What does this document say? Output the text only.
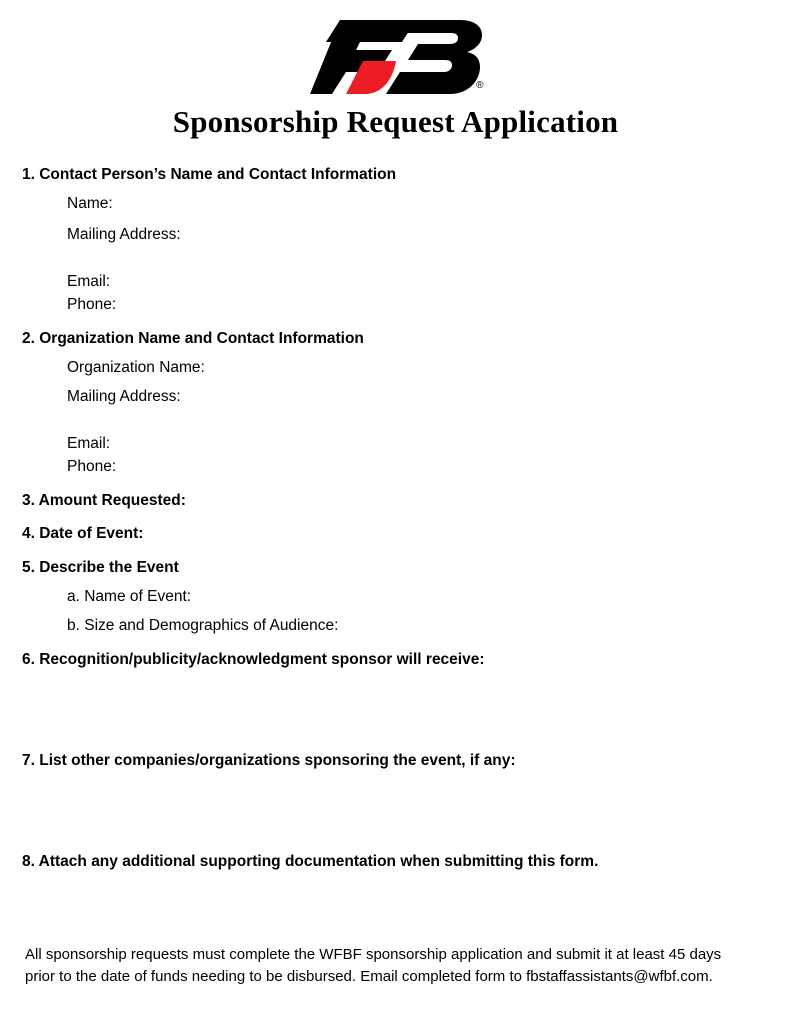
®
Sponsorship Request Application

1. Contact Person’s Name and Contact Information

Name:

Mailing Address:

Email:

Phone:

2. Organization Name and Contact Information

Organization Name:

Mailing Address:

Email:

Phone:

3. Amount Requested:

4. Date of Event:

5. Describe the Event

a. Name of Event:

b. Size and Demographics of Audience:

6. Recognition/publicity/acknowledgment sponsor will receive:

7. List other companies/organizations sponsoring the event, if any:

8. Attach any additional supporting documentation when submitting this form.

All sponsorship requests must complete the WFBF sponsorship application and submit it at least 45 days
prior to the date of funds needing to be disbursed. Email completed form to fbstaffassistants@wfbf.com.
